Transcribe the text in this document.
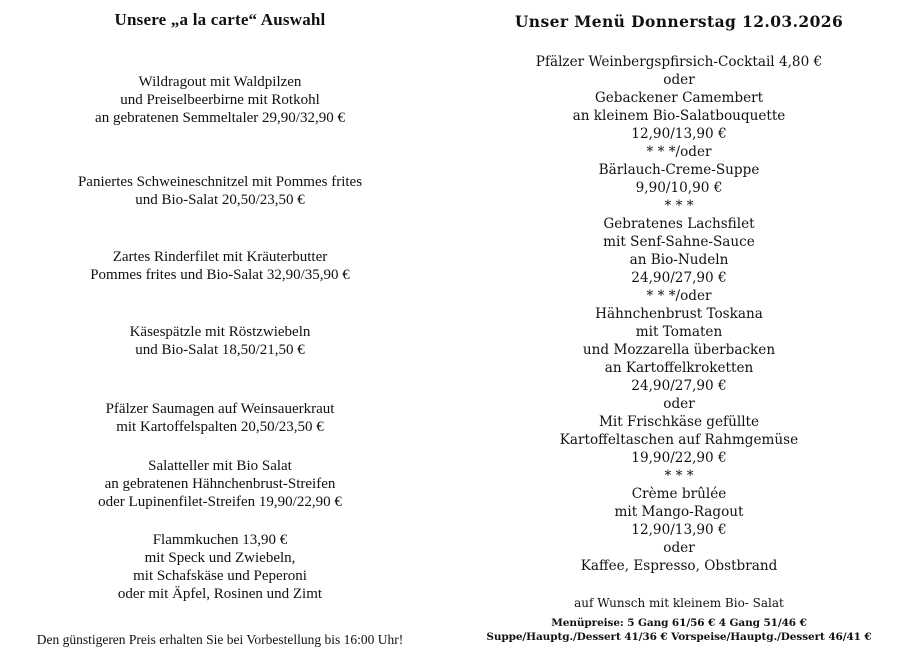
Unsere „a la carte“ Auswahl
Wildragout mit Waldpilzen
und Preiselbeerbirne mit Rotkohl
an gebratenen Semmeltaler 29,90/32,90 €
Paniertes Schweineschnitzel mit Pommes frites
und Bio-Salat 20,50/23,50 €
Zartes Rinderfilet mit Kräuterbutter
Pommes frites und Bio-Salat 32,90/35,90 €
Käsespätzle mit Röstzwiebeln
und Bio-Salat 18,50/21,50 €
Pfälzer Saumagen auf Weinsauerkraut
mit Kartoffelspalten 20,50/23,50 €
Salatteller mit Bio Salat
an gebratenen Hähnchenbrust-Streifen
oder Lupinenfilet-Streifen 19,90/22,90 €
Flammkuchen 13,90 €
mit Speck und Zwiebeln,
mit Schafskäse und Peperoni
oder mit Äpfel, Rosinen und Zimt
Den günstigeren Preis erhalten Sie bei Vorbestellung bis 16:00 Uhr!
Unser Menü Donnerstag 12.03.2026
Pfälzer Weinbergspfirsich-Cocktail 4,80 €
oder
Gebackener Camembert
an kleinem Bio-Salatbouquette
12,90/13,90 €
* * */oder
Bärlauch-Creme-Suppe
9,90/10,90 €
* * *
Gebratenes Lachsfilet
mit Senf-Sahne-Sauce
an Bio-Nudeln
24,90/27,90 €
* * */oder
Hähnchenbrust Toskana
mit Tomaten
und Mozzarella überbacken
an Kartoffelkroketten
24,90/27,90 €
oder
Mit Frischkäse gefüllte
Kartoffeltaschen auf Rahmgemüse
19,90/22,90 €
* * *
Crème brûlée
mit Mango-Ragout
12,90/13,90 €
oder
Kaffee, Espresso, Obstbrand
auf Wunsch mit kleinem Bio- Salat
Menüpreise: 5 Gang 61/56 € 4 Gang 51/46 €
Suppe/Hauptg./Dessert 41/36 € Vorspeise/Hauptg./Dessert 46/41 €
